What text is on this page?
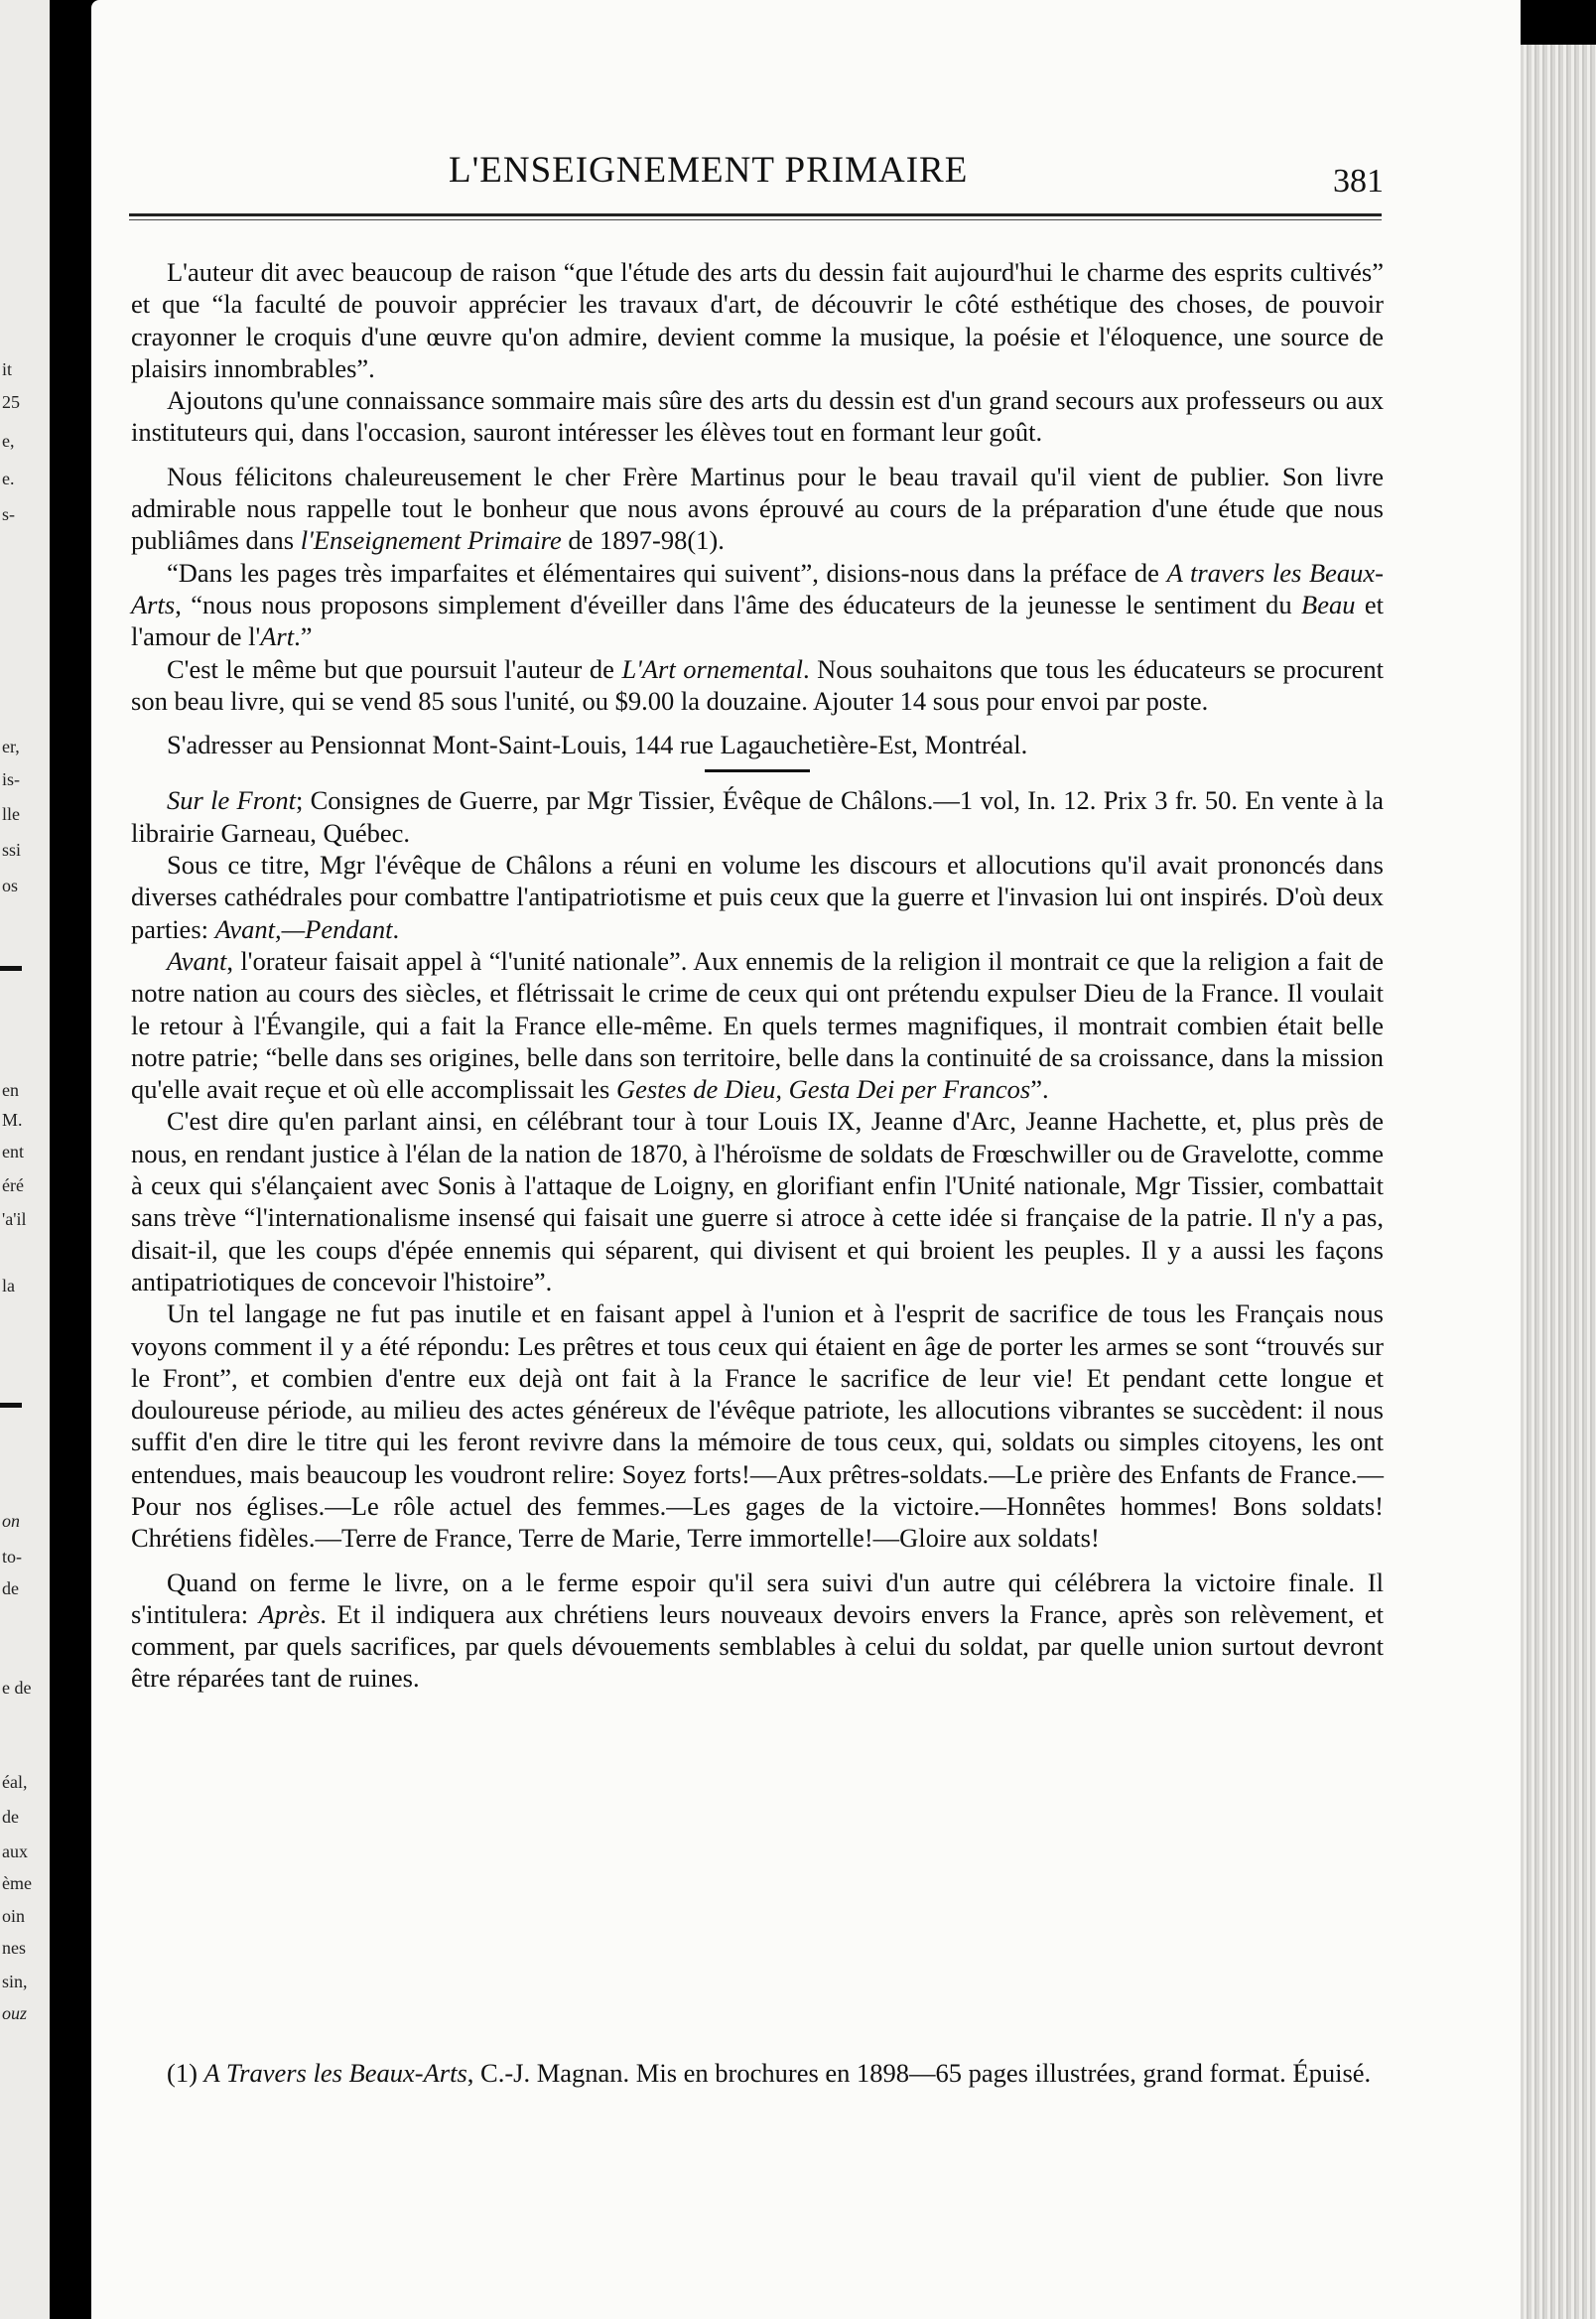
it
25
e,
e.
s-
er,
is-
lle
ssi
os
en
M.
ent
éré
'a'il
la
on
to-
de
e de
éal,
de
aux
ème
oin
nes
sin,
ouz
L'ENSEIGNEMENT PRIMAIRE	381

L'auteur dit avec beaucoup de raison “que l'étude des arts du dessin fait aujourd'hui le charme des esprits cultivés” et que “la faculté de pouvoir apprécier les travaux d'art, de découvrir le côté esthétique des choses, de pouvoir crayonner le croquis d'une œuvre qu'on admire, devient comme la musique, la poésie et l'éloquence, une source de plaisirs innombrables”.

Ajoutons qu'une connaissance sommaire mais sûre des arts du dessin est d'un grand secours aux professeurs ou aux instituteurs qui, dans l'occasion, sauront intéresser les élèves tout en formant leur goût.

Nous félicitons chaleureusement le cher Frère Martinus pour le beau travail qu'il vient de publier. Son livre admirable nous rappelle tout le bonheur que nous avons éprouvé au cours de la préparation d'une étude que nous publiâmes dans l'Enseignement Primaire de 1897-98(1).

“Dans les pages très imparfaites et élémentaires qui suivent”, disions-nous dans la préface de A travers les Beaux-Arts, “nous nous proposons simplement d'éveiller dans l'âme des éducateurs de la jeunesse le sentiment du Beau et l'amour de l'Art.”

C'est le même but que poursuit l'auteur de L'Art ornemental. Nous souhaitons que tous les éducateurs se procurent son beau livre, qui se vend 85 sous l'unité, ou $9.00 la douzaine. Ajouter 14 sous pour envoi par poste.

S'adresser au Pensionnat Mont-Saint-Louis, 144 rue Lagauchetière-Est, Montréal.

Sur le Front; Consignes de Guerre, par Mgr Tissier, Évêque de Châlons.—1 vol, In. 12. Prix 3 fr. 50. En vente à la librairie Garneau, Québec.

Sous ce titre, Mgr l'évêque de Châlons a réuni en volume les discours et allocutions qu'il avait prononcés dans diverses cathédrales pour combattre l'antipatriotisme et puis ceux que la guerre et l'invasion lui ont inspirés. D'où deux parties: Avant,—Pendant.

Avant, l'orateur faisait appel à “l'unité nationale”. Aux ennemis de la religion il montrait ce que la religion a fait de notre nation au cours des siècles, et flétrissait le crime de ceux qui ont prétendu expulser Dieu de la France. Il voulait le retour à l'Évangile, qui a fait la France elle-même. En quels termes magnifiques, il montrait combien était belle notre patrie; “belle dans ses origines, belle dans son territoire, belle dans la continuité de sa croissance, dans la mission qu'elle avait reçue et où elle accomplissait les Gestes de Dieu, Gesta Dei per Francos”.

C'est dire qu'en parlant ainsi, en célébrant tour à tour Louis IX, Jeanne d'Arc, Jeanne Hachette, et, plus près de nous, en rendant justice à l'élan de la nation de 1870, à l'héroïsme de soldats de Frœschwiller ou de Gravelotte, comme à ceux qui s'élançaient avec Sonis à l'attaque de Loigny, en glorifiant enfin l'Unité nationale, Mgr Tissier, combattait sans trève “l'internationalisme insensé qui faisait une guerre si atroce à cette idée si française de la patrie. Il n'y a pas, disait-il, que les coups d'épée ennemis qui séparent, qui divisent et qui broient les peuples. Il y a aussi les façons antipatriotiques de concevoir l'histoire”.

Un tel langage ne fut pas inutile et en faisant appel à l'union et à l'esprit de sacrifice de tous les Français nous voyons comment il y a été répondu: Les prêtres et tous ceux qui étaient en âge de porter les armes se sont “trouvés sur le Front”, et combien d'entre eux dejà ont fait à la France le sacrifice de leur vie! Et pendant cette longue et douloureuse période, au milieu des actes généreux de l'évêque patriote, les allocutions vibrantes se succèdent: il nous suffit d'en dire le titre qui les feront revivre dans la mémoire de tous ceux, qui, soldats ou simples citoyens, les ont entendues, mais beaucoup les voudront relire: Soyez forts!—Aux prêtres-soldats.—Le prière des Enfants de France.—Pour nos églises.—Le rôle actuel des femmes.—Les gages de la victoire.—Honnêtes hommes! Bons soldats! Chrétiens fidèles.—Terre de France, Terre de Marie, Terre immortelle!—Gloire aux soldats!

Quand on ferme le livre, on a le ferme espoir qu'il sera suivi d'un autre qui célébrera la victoire finale. Il s'intitulera: Après. Et il indiquera aux chrétiens leurs nouveaux devoirs envers la France, après son relèvement, et comment, par quels sacrifices, par quels dévouements semblables à celui du soldat, par quelle union surtout devront être réparées tant de ruines.

(1) A Travers les Beaux-Arts, C.-J. Magnan. Mis en brochures en 1898—65 pages illustrées, grand format. Épuisé.
